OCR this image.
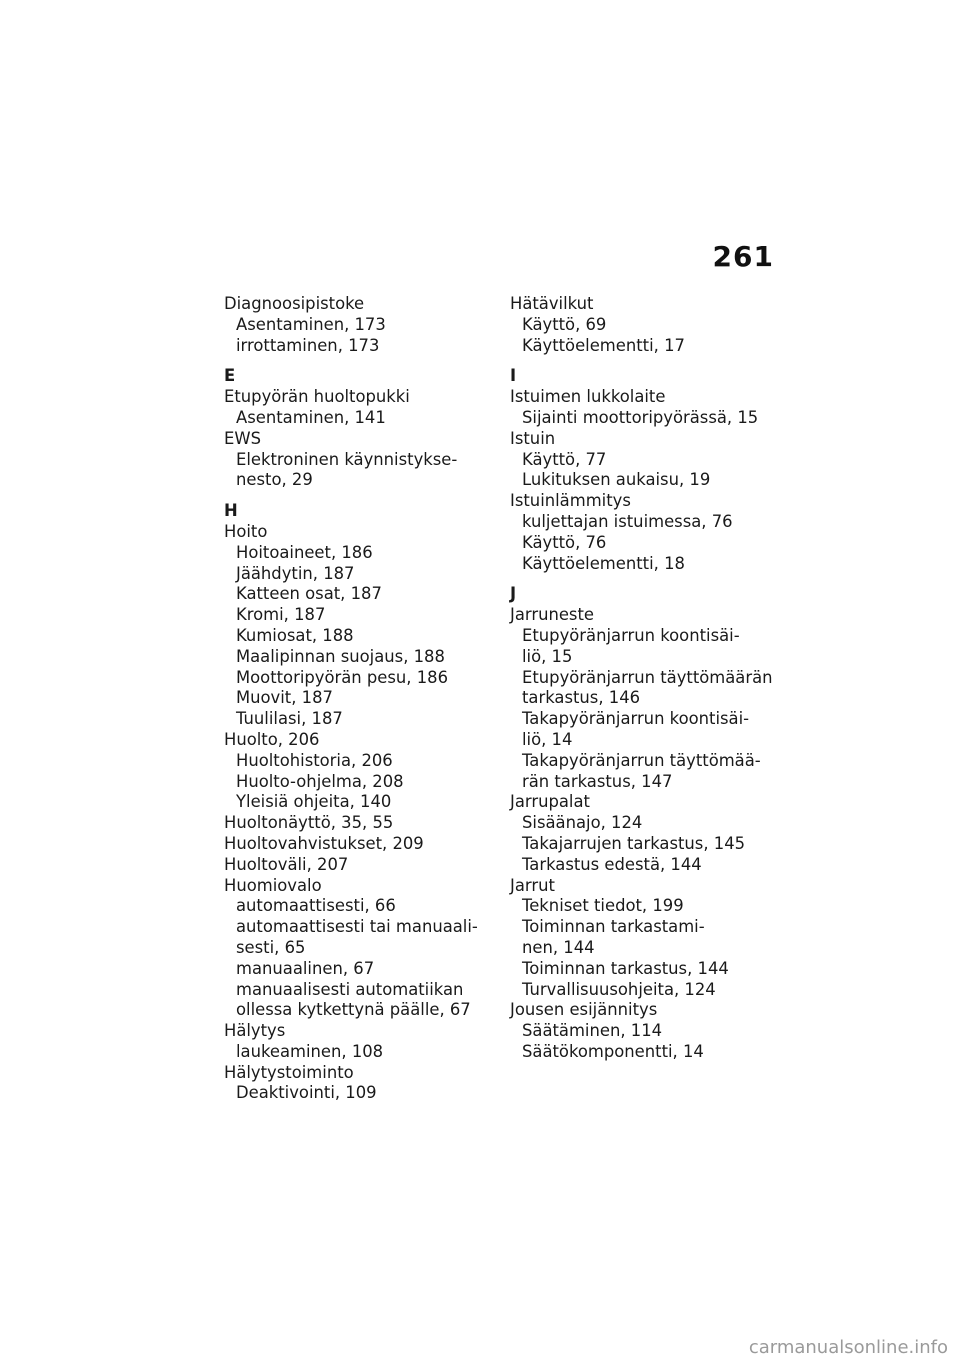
261
Diagnoosipistoke
Asentaminen, 173
irrottaminen, 173
E
Etupyörän huoltopukki
Asentaminen, 141
EWS
Elektroninen käynnistykse-
nesto, 29
H
Hoito
Hoitoaineet, 186
Jäähdytin, 187
Katteen osat, 187
Kromi, 187
Kumiosat, 188
Maalipinnan suojaus, 188
Moottoripyörän pesu, 186
Muovit, 187
Tuulilasi, 187
Huolto, 206
Huoltohistoria, 206
Huolto-ohjelma, 208
Yleisiä ohjeita, 140
Huoltonäyttö, 35, 55
Huoltovahvistukset, 209
Huoltoväli, 207
Huomiovalo
automaattisesti, 66
automaattisesti tai manuaali-
sesti, 65
manuaalinen, 67
manuaalisesti automatiikan
ollessa kytkettynä päälle, 67
Hälytys
laukeaminen, 108
Hälytystoiminto
Deaktivointi, 109
Hätävilkut
Käyttö, 69
Käyttöelementti, 17
I
Istuimen lukkolaite
Sijainti moottoripyörässä, 15
Istuin
Käyttö, 77
Lukituksen aukaisu, 19
Istuinlämmitys
kuljettajan istuimessa, 76
Käyttö, 76
Käyttöelementti, 18
J
Jarruneste
Etupyöränjarrun koontisäi-
liö, 15
Etupyöränjarrun täyttömäärän
tarkastus, 146
Takapyöränjarrun koontisäi-
liö, 14
Takapyöränjarrun täyttömää-
rän tarkastus, 147
Jarrupalat
Sisäänajo, 124
Takajarrujen tarkastus, 145
Tarkastus edestä, 144
Jarrut
Tekniset tiedot, 199
Toiminnan tarkastami-
nen, 144
Toiminnan tarkastus, 144
Turvallisuusohjeita, 124
Jousen esijännitys
Säätäminen, 114
Säätökomponentti, 14
carmanualsonline.info
